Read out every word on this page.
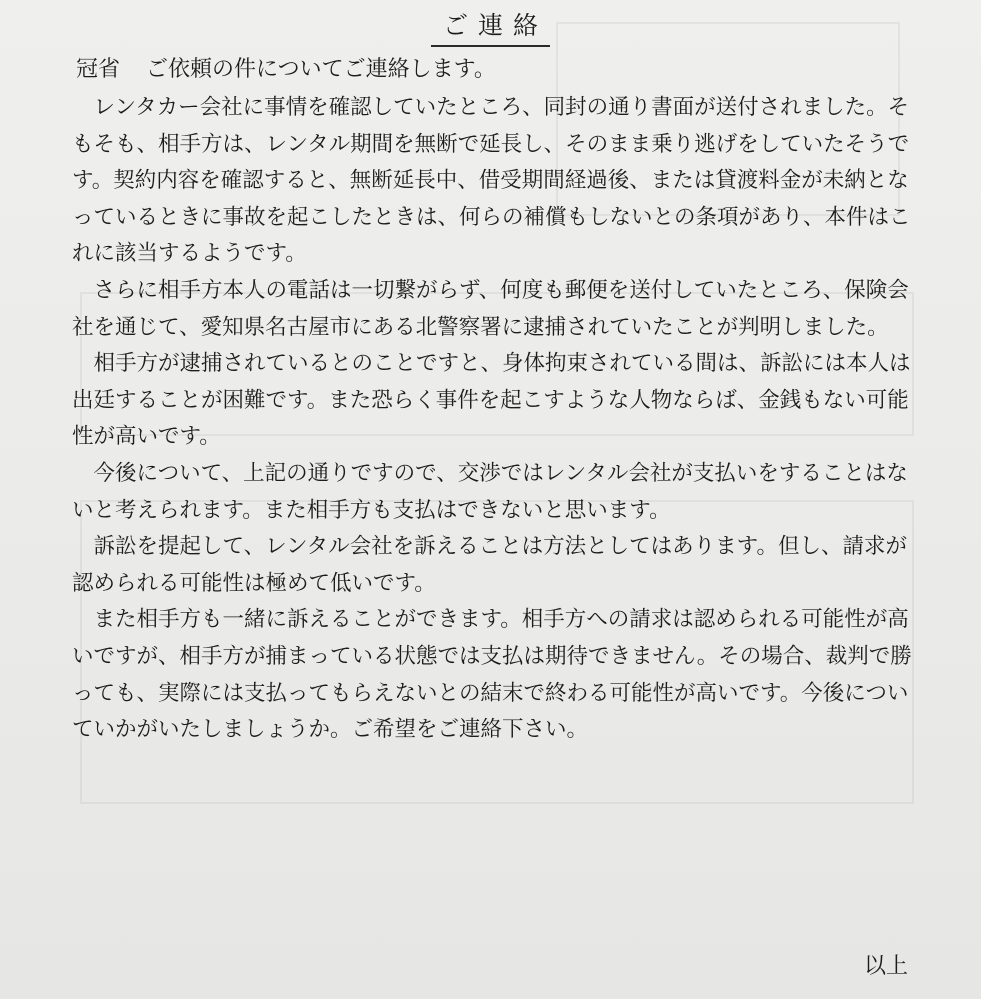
ご連絡
冠省 ご依頼の件についてご連絡します。

レンタカー会社に事情を確認していたところ、同封の通り書面が送付されました。そもそも、相手方は、レンタル期間を無断で延長し、そのまま乗り逃げをしていたそうです。契約内容を確認すると、無断延長中、借受期間経過後、または貸渡料金が未納となっているときに事故を起こしたときは、何らの補償もしないとの条項があり、本件はこれに該当するようです。

さらに相手方本人の電話は一切繋がらず、何度も郵便を送付していたところ、保険会社を通じて、愛知県名古屋市にある北警察署に逮捕されていたことが判明しました。

相手方が逮捕されているとのことですと、身体拘束されている間は、訴訟には本人は出廷することが困難です。また恐らく事件を起こすような人物ならば、金銭もない可能性が高いです。

今後について、上記の通りですので、交渉ではレンタル会社が支払いをすることはないと考えられます。また相手方も支払はできないと思います。

訴訟を提起して、レンタル会社を訴えることは方法としてはあります。但し、請求が認められる可能性は極めて低いです。

また相手方も一緒に訴えることができます。相手方への請求は認められる可能性が高いですが、相手方が捕まっている状態では支払は期待できません。その場合、裁判で勝っても、実際には支払ってもらえないとの結末で終わる可能性が高いです。今後についていかがいたしましょうか。ご希望をご連絡下さい。

以上
